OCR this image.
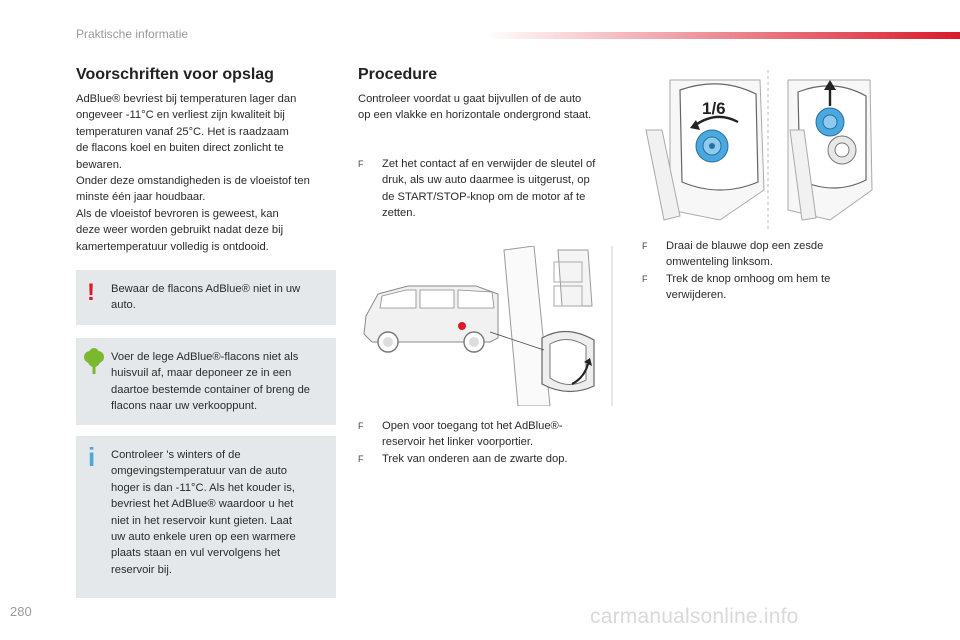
Praktische informatie
Voorschriften voor opslag
AdBlue® bevriest bij temperaturen lager dan
ongeveer -11°C en verliest zijn kwaliteit bij
temperaturen vanaf 25°C. Het is raadzaam
de flacons koel en buiten direct zonlicht te
bewaren.
Onder deze omstandigheden is de vloeistof ten
minste één jaar houdbaar.
Als de vloeistof bevroren is geweest, kan
deze weer worden gebruikt nadat deze bij
kamertemperatuur volledig is ontdooid.
! Bewaar de flacons AdBlue® niet in uw
auto.
Voer de lege AdBlue®-flacons niet als
huisvuil af, maar deponeer ze in een
daartoe bestemde container of breng de
flacons naar uw verkooppunt.
i Controleer 's winters of de
omgevingstemperatuur van de auto
hoger is dan -11°C. Als het kouder is,
bevriest het AdBlue® waardoor u het
niet in het reservoir kunt gieten. Laat
uw auto enkele uren op een warmere
plaats staan en vul vervolgens het
reservoir bij.
Procedure
Controleer voordat u gaat bijvullen of de auto
op een vlakke en horizontale ondergrond staat.
F Zet het contact af en verwijder de sleutel of
druk, als uw auto daarmee is uitgerust, op
de START/STOP-knop om de motor af te
zetten.
F Open voor toegang tot het AdBlue®-
reservoir het linker voorportier.
F Trek van onderen aan de zwarte dop.
1/6
F Draai de blauwe dop een zesde
omwenteling linksom.
F Trek de knop omhoog om hem te
verwijderen.
280	carmanualsonline.info
